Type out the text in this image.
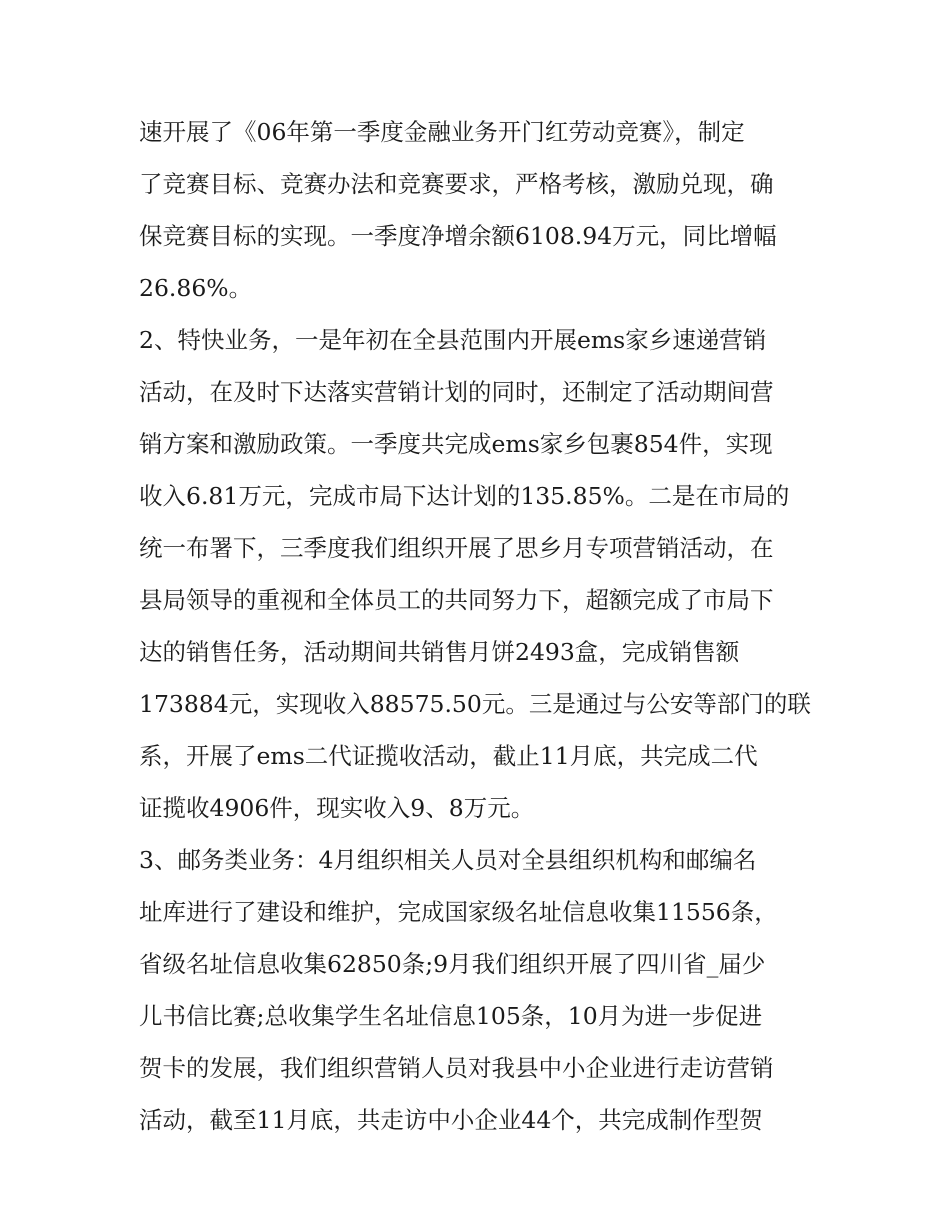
速开展了《06年第一季度金融业务开门红劳动竞赛》，制定
了竞赛目标、竞赛办法和竞赛要求，严格考核，激励兑现，确
保竞赛目标的实现。一季度净增余额6108.94万元，同比增幅
26.86%。
2、特快业务，一是年初在全县范围内开展ems家乡速递营销
活动，在及时下达落实营销计划的同时，还制定了活动期间营
销方案和激励政策。一季度共完成ems家乡包裹854件，实现
收入6.81万元，完成市局下达计划的135.85%。二是在市局的
统一布署下，三季度我们组织开展了思乡月专项营销活动，在
县局领导的重视和全体员工的共同努力下，超额完成了市局下
达的销售任务，活动期间共销售月饼2493盒，完成销售额
173884元，实现收入88575.50元。三是通过与公安等部门的联
系，开展了ems二代证揽收活动，截止11月底，共完成二代
证揽收4906件，现实收入9、8万元。
3、邮务类业务：4月组织相关人员对全县组织机构和邮编名
址库进行了建设和维护，完成国家级名址信息收集11556条，
省级名址信息收集62850条;9月我们组织开展了四川省_届少
儿书信比赛;总收集学生名址信息105条，10月为进一步促进
贺卡的发展，我们组织营销人员对我县中小企业进行走访营销
活动，截至11月底，共走访中小企业44个，共完成制作型贺
